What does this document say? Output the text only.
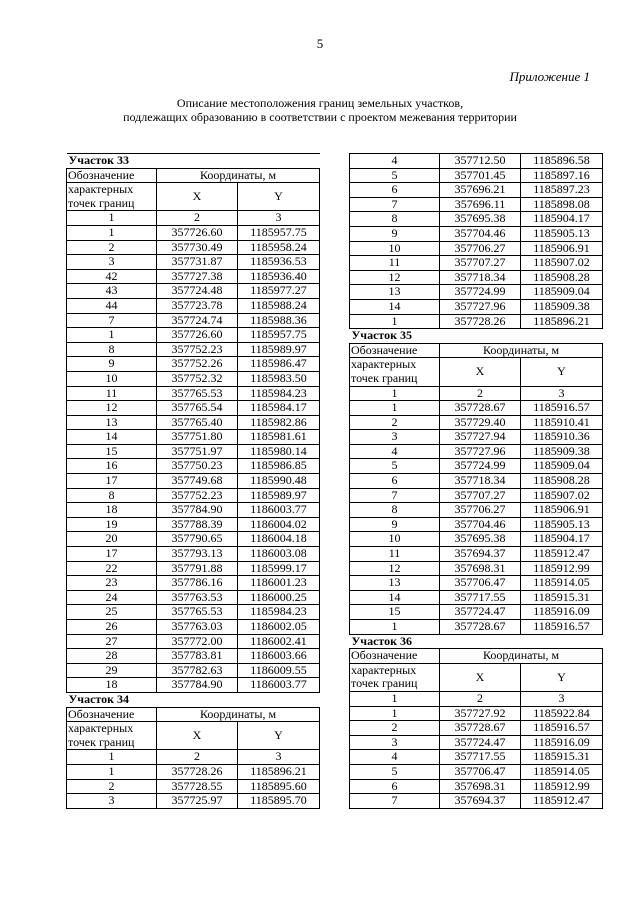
5
Приложение 1
Описание местоположения границ земельных участков,
подлежащих образованию в соответствии с проектом межевания территории
Участок 33		
Обозначение	Координаты, м	
характерных точек границ	X	Y
1	2	3
1	357726.60	1185957.75
2	357730.49	1185958.24
3	357731.87	1185936.53
42	357727.38	1185936.40
43	357724.48	1185977.27
44	357723.78	1185988.24
7	357724.74	1185988.36
1	357726.60	1185957.75
8	357752.23	1185989.97
9	357752.26	1185986.47
10	357752.32	1185983.50
11	357765.53	1185984.23
12	357765.54	1185984.17
13	357765.40	1185982.86
14	357751.80	1185981.61
15	357751.97	1185980.14
16	357750.23	1185986.85
17	357749.68	1185990.48
8	357752.23	1185989.97
18	357784.90	1186003.77
19	357788.39	1186004.02
20	357790.65	1186004.18
17	357793.13	1186003.08
22	357791.88	1185999.17
23	357786.16	1186001.23
24	357763.53	1186000.25
25	357765.53	1185984.23
26	357763.03	1186002.05
27	357772.00	1186002.41
28	357783.81	1186003.66
29	357782.63	1186009.55
18	357784.90	1186003.77
Участок 34		
Обозначение	Координаты, м	
характерных точек границ	X	Y
1	2	3
1	357728.26	1185896.21
2	357728.55	1185895.60
3	357725.97	1185895.70
4	357712.50	1185896.58
5	357701.45	1185897.16
6	357696.21	1185897.23
7	357696.11	1185898.08
8	357695.38	1185904.17
9	357704.46	1185905.13
10	357706.27	1185906.91
11	357707.27	1185907.02
12	357718.34	1185908.28
13	357724.99	1185909.04
14	357727.96	1185909.38
1	357728.26	1185896.21
Участок 35		
Обозначение	Координаты, м	
характерных точек границ	X	Y
1	2	3
1	357728.67	1185916.57
2	357729.40	1185910.41
3	357727.94	1185910.36
4	357727.96	1185909.38
5	357724.99	1185909.04
6	357718.34	1185908.28
7	357707.27	1185907.02
8	357706.27	1185906.91
9	357704.46	1185905.13
10	357695.38	1185904.17
11	357694.37	1185912.47
12	357698.31	1185912.99
13	357706.47	1185914.05
14	357717.55	1185915.31
15	357724.47	1185916.09
1	357728.67	1185916.57
Участок 36		
Обозначение	Координаты, м	
характерных точек границ	X	Y
1	2	3
1	357727.92	1185922.84
2	357728.67	1185916.57
3	357724.47	1185916.09
4	357717.55	1185915.31
5	357706.47	1185914.05
6	357698.31	1185912.99
7	357694.37	1185912.47
